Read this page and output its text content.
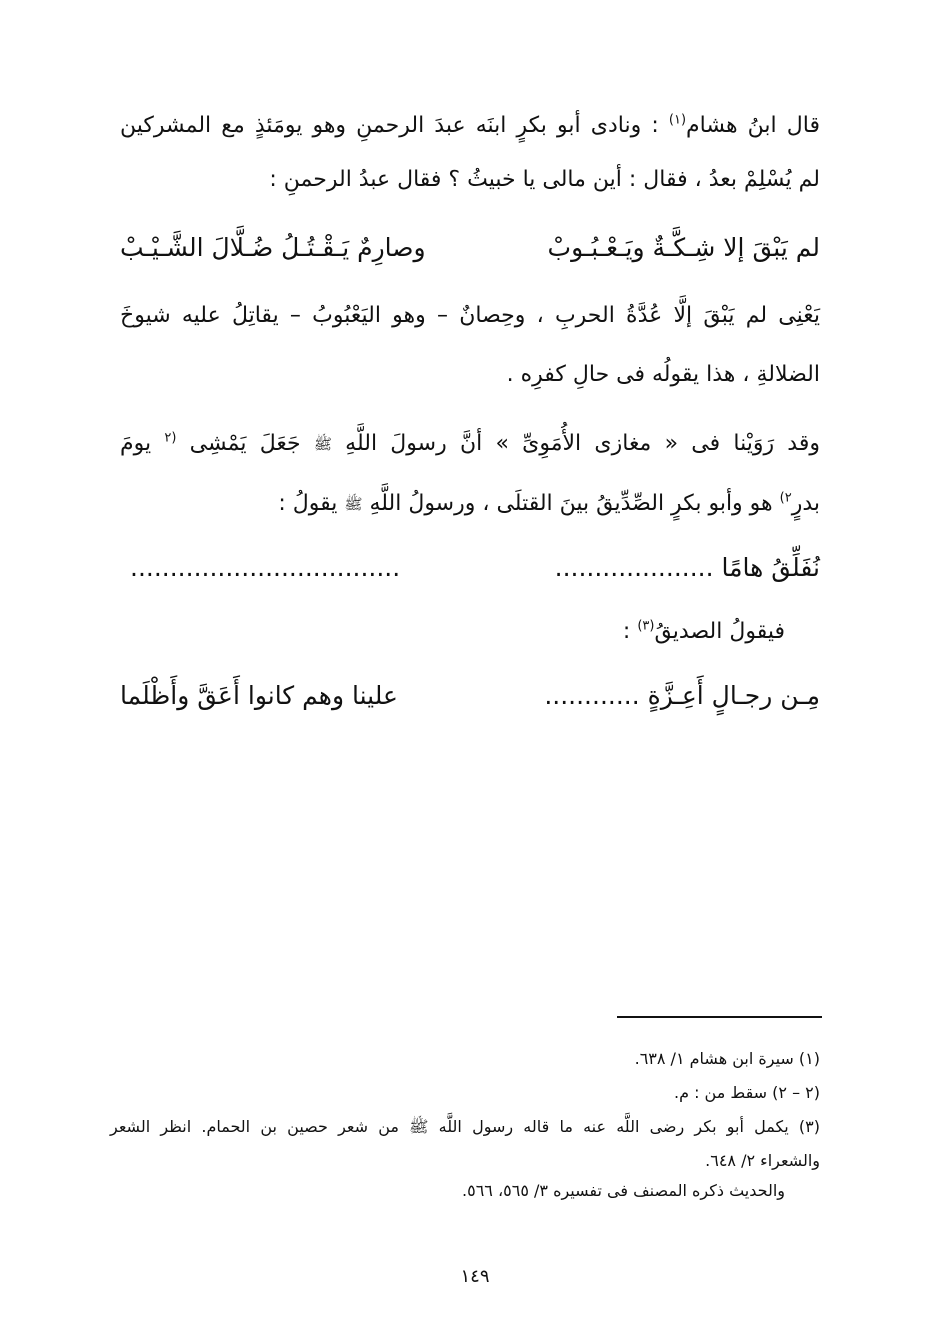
قال ابنُ هشام$^{(١)}$ : ونادى أبو بكرٍ ابنَه عبدَ الرحمنِ وهو يومَئذٍ مع المشركين
لم يُسْلِمْ بعدُ ، فقال : أين مالى يا خبيثُ ؟ فقال عبدُ الرحمنِ :
لم يَبْقَ إلا شِـكَّـةٌ ويَـعْـبُـوبْ
وصارِمٌ يَـقْـتُـلُ ضُـلَّالَ الشَّـيْـبْ
يَعْنِى لم يَبْقَ إلَّا عُدَّةُ الحربِ ، وحِصانٌ – وهو اليَعْبُوبُ – يقاتِلُ عليه شيوخَ
الضلالةِ ، هذا يقولُه فى حالِ كفرِه .
وقد رَوَيْنا فى « مغازى الأُمَوِىِّ » أنَّ رسولَ اللَّهِ ﷺ جَعَلَ يَمْشِى $^{(٢}$ يومَ
بدرٍ$^{٢)}$ هو وأبو بكرٍ الصِّدِّيقُ بينَ القتلَى ، ورسولُ اللَّهِ ﷺ يقولُ :
نُفَلِّقُ هامًا ....................
..................................
فيقولُ الصديقُ$^{(٣)}$ :
مِـن رجـالٍ أَعِـزَّةٍ ............
علينا وهم كانوا أَعَقَّ وأَظْلَما
(١) سيرة ابن هشام ١/ ٦٣٨.
(٢ – ٢) سقط من : م.
(٣) يكمل أبو بكر رضى اللَّه عنه ما قاله رسول اللَّه ﷺ من شعر حصين بن الحمام. انظر الشعر
والشعراء ٢/ ٦٤٨.
والحديث ذكره المصنف فى تفسيره ٣/ ٥٦٥، ٥٦٦.
١٤٩
